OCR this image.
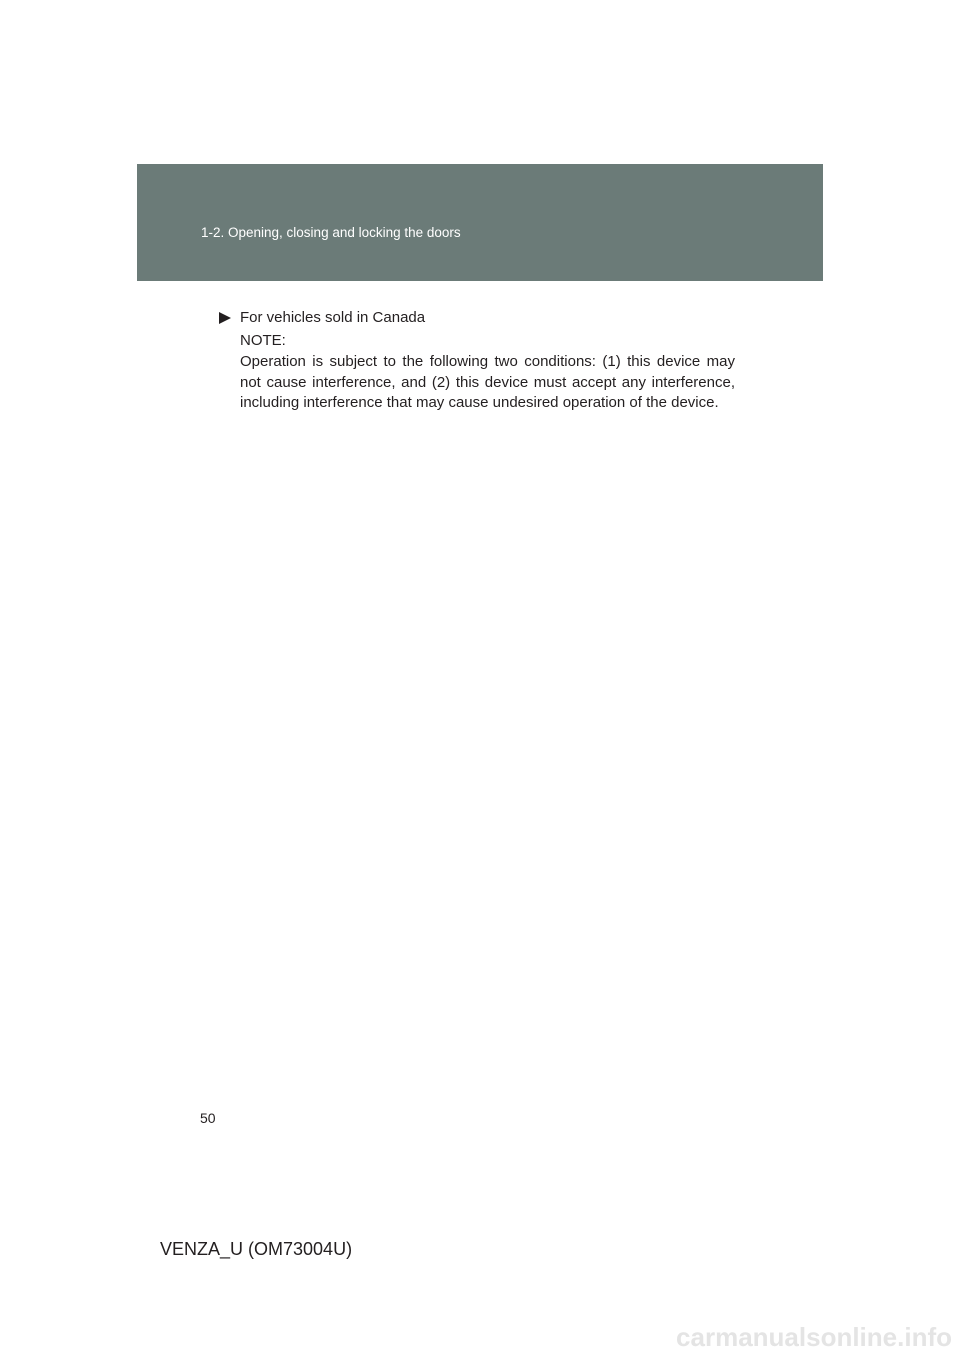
1-2. Opening, closing and locking the doors
For vehicles sold in Canada
NOTE:
Operation is subject to the following two conditions: (1) this device may not cause interference, and (2) this device must accept any interference, including interference that may cause undesired operation of the device.
50
VENZA_U (OM73004U)
carmanualsonline.info
